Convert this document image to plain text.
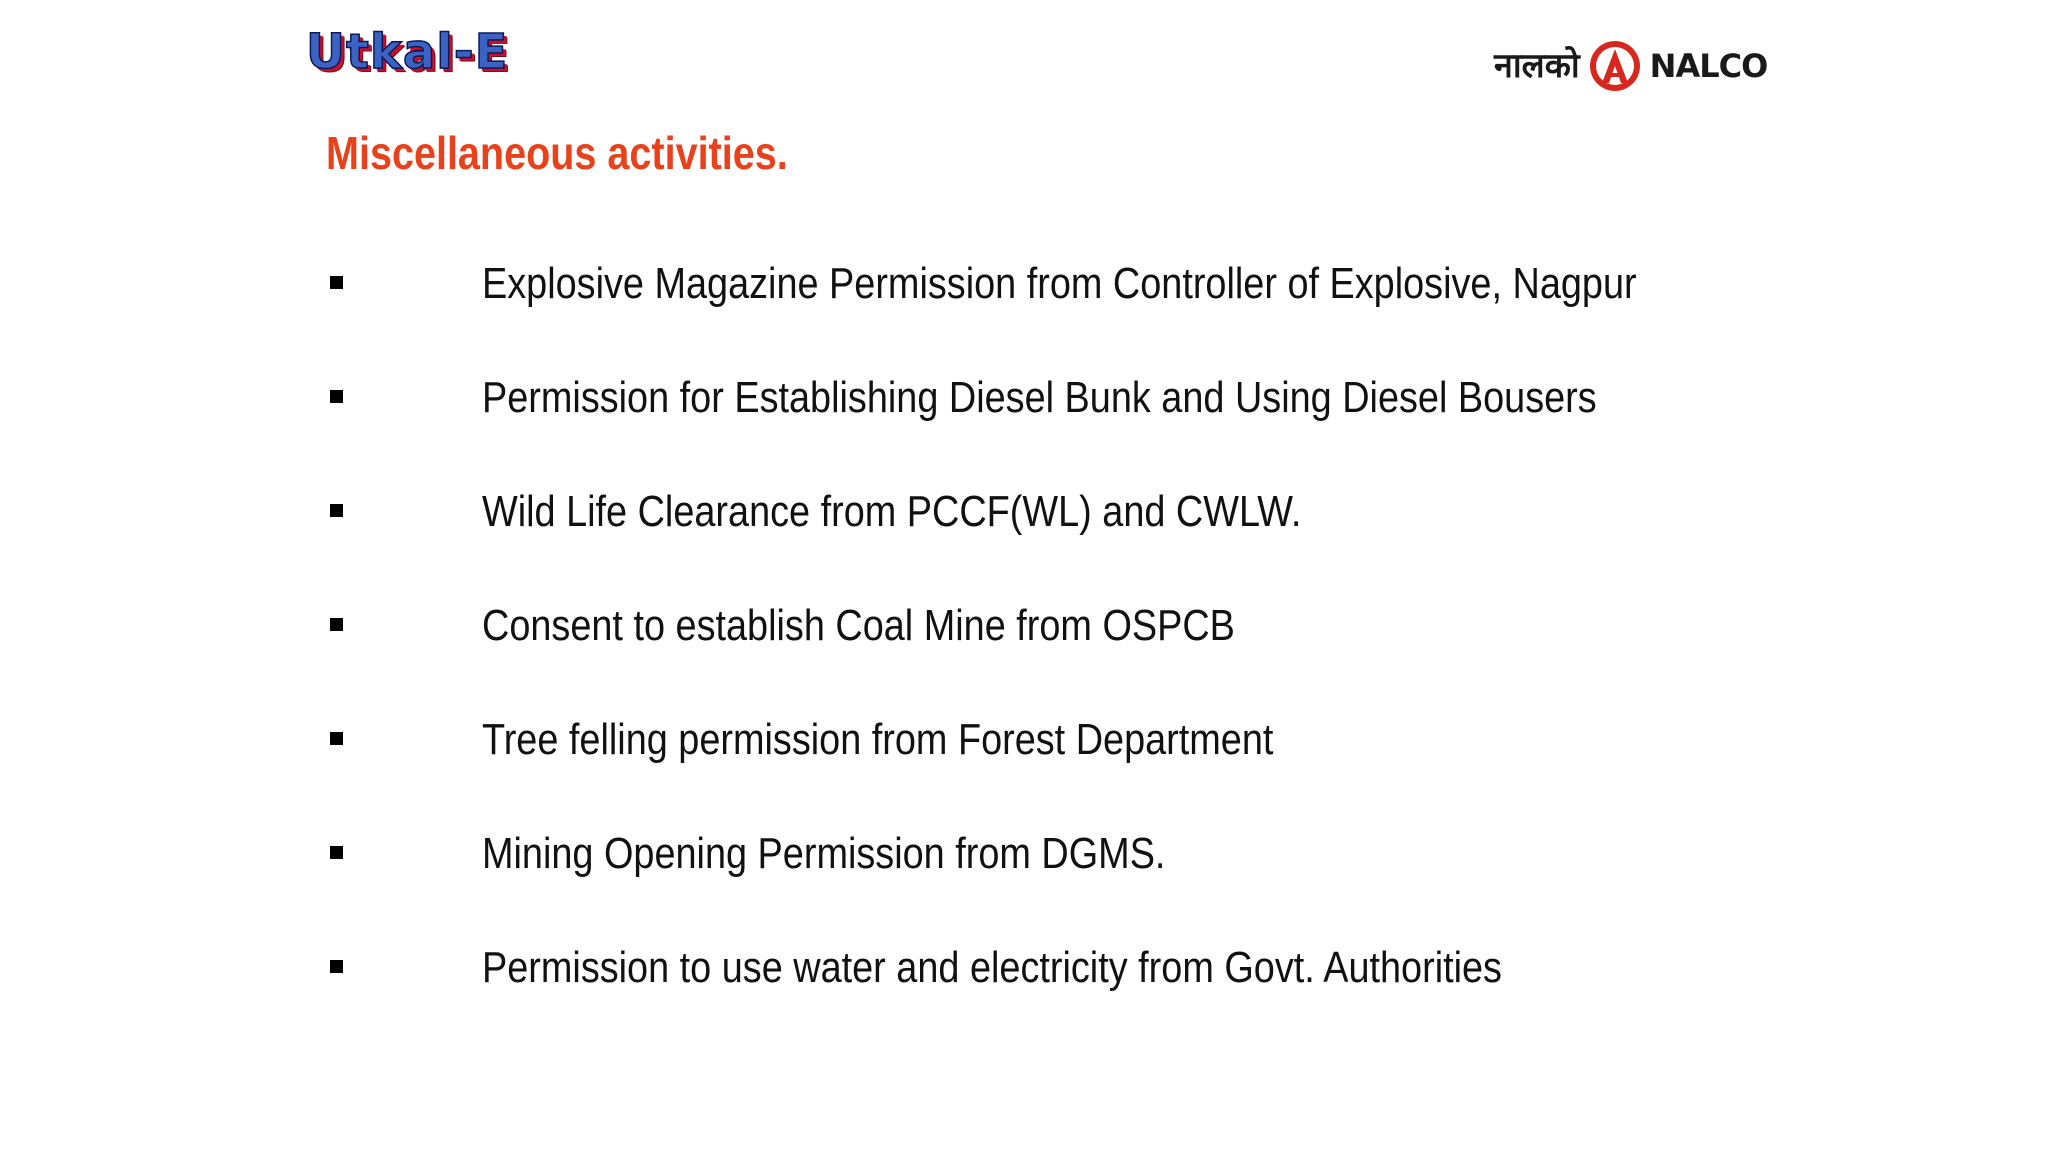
Utkal-E	नालको NALCO
Miscellaneous activities.
Explosive Magazine Permission from Controller of Explosive, Nagpur
Permission for Establishing Diesel Bunk and Using Diesel Bousers
Wild Life Clearance from PCCF(WL) and CWLW.
Consent to establish Coal Mine from OSPCB
Tree felling permission from Forest Department
Mining Opening Permission from DGMS.
Permission to use water and electricity from Govt. Authorities
